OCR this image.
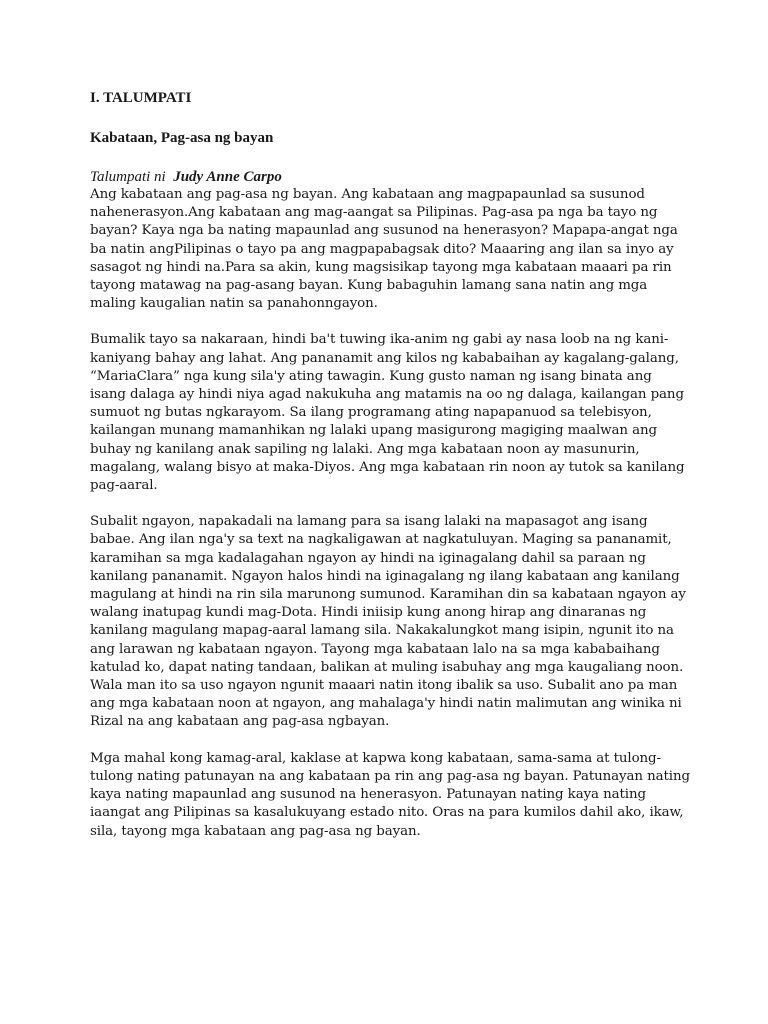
I. TALUMPATI
Kabataan, Pag-asa ng bayan

Talumpati ni Judy Anne Carpo

Ang kabataan ang pag-asa ng bayan. Ang kabataan ang magpapaunlad sa susunod nahenerasyon.Ang kabataan ang mag-aangat sa Pilipinas. Pag-asa pa nga ba tayo ng bayan? Kaya nga ba nating mapaunlad ang susunod na henerasyon? Mapapa-angat nga ba natin angPilipinas o tayo pa ang magpapabagsak dito? Maaaring ang ilan sa inyo ay sasagot ng hindi na.Para sa akin, kung magsisikap tayong mga kabataan maaari pa rin tayong matawag na pag-asang bayan. Kung babaguhin lamang sana natin ang mga maling kaugalian natin sa panahonngayon.

Bumalik tayo sa nakaraan, hindi ba't tuwing ika-anim ng gabi ay nasa loob na ng kani-kaniyang bahay ang lahat. Ang pananamit ang kilos ng kababaihan ay kagalang-galang, “MariaClara” nga kung sila'y ating tawagin. Kung gusto naman ng isang binata ang isang dalaga ay hindi niya agad nakukuha ang matamis na oo ng dalaga, kailangan pang sumuot ng butas ngkarayom. Sa ilang programang ating napapanuod sa telebisyon, kailangan munang mamanhikan ng lalaki upang masigurong magiging maalwan ang buhay ng kanilang anak sapiling ng lalaki. Ang mga kabataan noon ay masunurin, magalang, walang bisyo at maka-Diyos. Ang mga kabataan rin noon ay tutok sa kanilang pag-aaral.

Subalit ngayon, napakadali na lamang para sa isang lalaki na mapasagot ang isang babae. Ang ilan nga'y sa text na nagkaligawan at nagkatuluyan. Maging sa pananamit, karamihan sa mga kadalagahan ngayon ay hindi na iginagalang dahil sa paraan ng kanilang pananamit. Ngayon halos hindi na iginagalang ng ilang kabataan ang kanilang magulang at hindi na rin sila marunong sumunod. Karamihan din sa kabataan ngayon ay walang inatupag kundi mag-Dota. Hindi iniisip kung anong hirap ang dinaranas ng kanilang magulang mapag-aaral lamang sila. Nakakalungkot mang isipin, ngunit ito na ang larawan ng kabataan ngayon. Tayong mga kabataan lalo na sa mga kababaihang katulad ko, dapat nating tandaan, balikan at muling isabuhay ang mga kaugaliang noon. Wala man ito sa uso ngayon ngunit maaari natin itong ibalik sa uso. Subalit ano pa man ang mga kabataan noon at ngayon, ang mahalaga'y hindi natin malimutan ang winika ni Rizal na ang kabataan ang pag-asa ngbayan.

Mga mahal kong kamag-aral, kaklase at kapwa kong kabataan, sama-sama at tulong-tulong nating patunayan na ang kabataan pa rin ang pag-asa ng bayan. Patunayan nating kaya nating mapaunlad ang susunod na henerasyon. Patunayan nating kaya nating iaangat ang Pilipinas sa kasalukuyang estado nito. Oras na para kumilos dahil ako, ikaw, sila, tayong mga kabataan ang pag-asa ng bayan.
